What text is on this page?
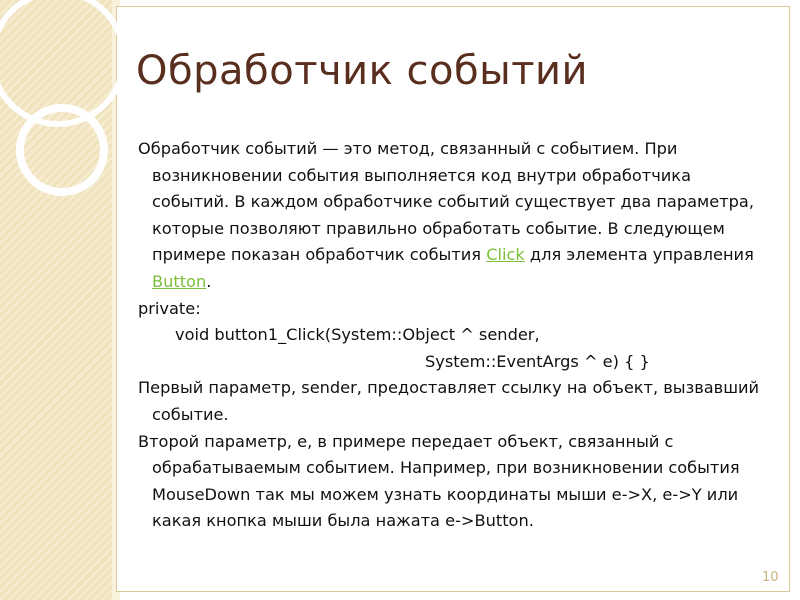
Обработчик событий

Обработчик событий — это метод, связанный с событием. При возникновении события выполняется код внутри обработчика событий. В каждом обработчике событий существует два параметра, которые позволяют правильно обработать событие. В следующем примере показан обработчик события Click для элемента управления Button.

private:

void button1_Click(System::Object ^ sender,

System::EventArgs ^ e) { }

Первый параметр, sender, предоставляет ссылку на объект, вызвавший событие.

Второй параметр, e, в примере передает объект, связанный с обрабатываемым событием. Например, при возникновении события MouseDown так мы можем узнать координаты мыши e->X, e->Y или какая кнопка мыши была нажата e->Button.

10
